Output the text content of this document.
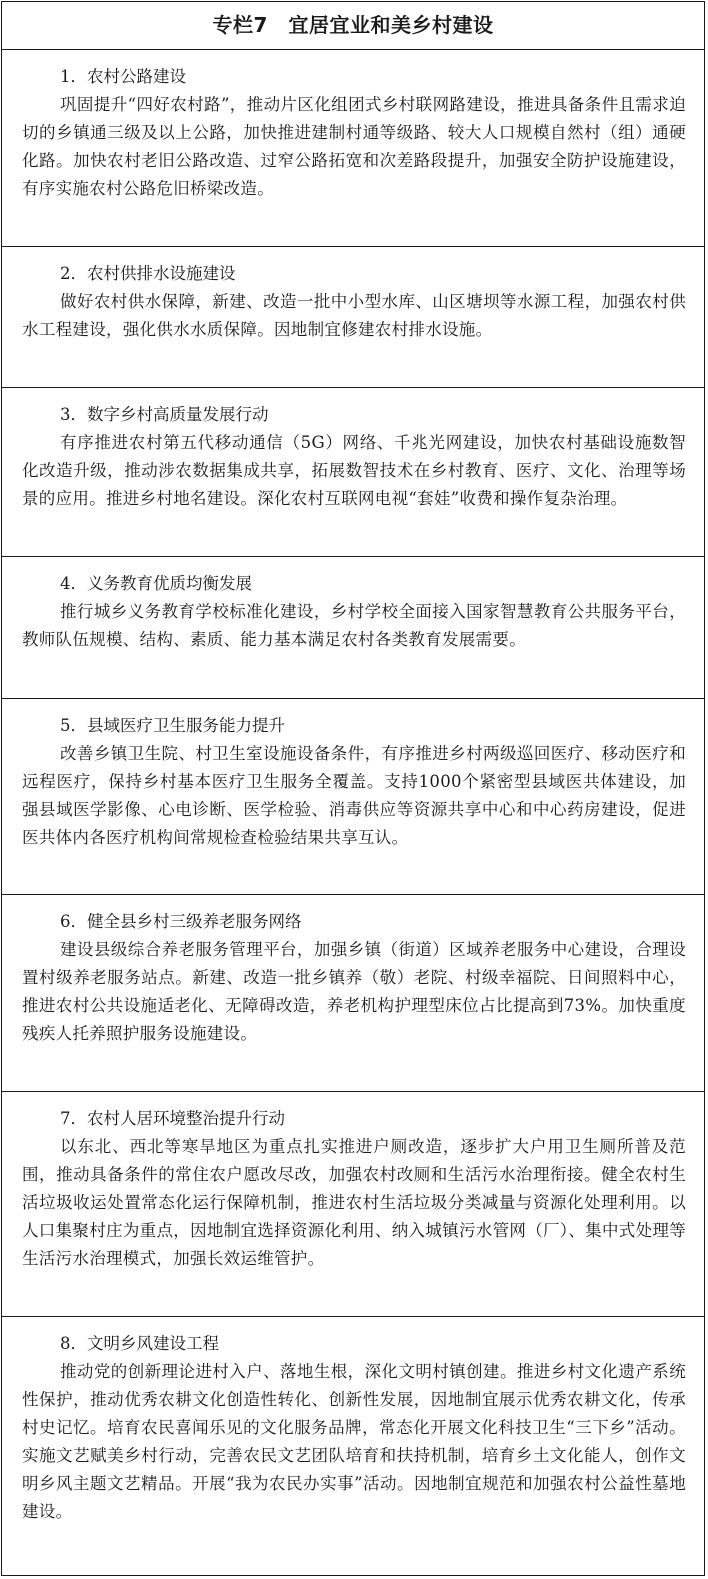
专栏7　宜居宜业和美乡村建设

1．农村公路建设

巩固提升“四好农村路”，推动片区化组团式乡村联网路建设，推进具备条件且需求迫切的乡镇通三级及以上公路，加快推进建制村通等级路、较大人口规模自然村（组）通硬化路。加快农村老旧公路改造、过窄公路拓宽和次差路段提升，加强安全防护设施建设，有序实施农村公路危旧桥梁改造。

2．农村供排水设施建设

做好农村供水保障，新建、改造一批中小型水库、山区塘坝等水源工程，加强农村供水工程建设，强化供水水质保障。因地制宜修建农村排水设施。

3．数字乡村高质量发展行动

有序推进农村第五代移动通信（5G）网络、千兆光网建设，加快农村基础设施数智化改造升级，推动涉农数据集成共享，拓展数智技术在乡村教育、医疗、文化、治理等场景的应用。推进乡村地名建设。深化农村互联网电视“套娃”收费和操作复杂治理。

4．义务教育优质均衡发展

推行城乡义务教育学校标准化建设，乡村学校全面接入国家智慧教育公共服务平台，教师队伍规模、结构、素质、能力基本满足农村各类教育发展需要。

5．县域医疗卫生服务能力提升

改善乡镇卫生院、村卫生室设施设备条件，有序推进乡村两级巡回医疗、移动医疗和远程医疗，保持乡村基本医疗卫生服务全覆盖。支持1000个紧密型县域医共体建设，加强县域医学影像、心电诊断、医学检验、消毒供应等资源共享中心和中心药房建设，促进医共体内各医疗机构间常规检查检验结果共享互认。

6．健全县乡村三级养老服务网络

建设县级综合养老服务管理平台，加强乡镇（街道）区域养老服务中心建设，合理设置村级养老服务站点。新建、改造一批乡镇养（敬）老院、村级幸福院、日间照料中心，推进农村公共设施适老化、无障碍改造，养老机构护理型床位占比提高到73%。加快重度残疾人托养照护服务设施建设。

7．农村人居环境整治提升行动

以东北、西北等寒旱地区为重点扎实推进户厕改造，逐步扩大户用卫生厕所普及范围，推动具备条件的常住农户愿改尽改，加强农村改厕和生活污水治理衔接。健全农村生活垃圾收运处置常态化运行保障机制，推进农村生活垃圾分类减量与资源化处理利用。以人口集聚村庄为重点，因地制宜选择资源化利用、纳入城镇污水管网（厂）、集中式处理等生活污水治理模式，加强长效运维管护。

8．文明乡风建设工程

推动党的创新理论进村入户、落地生根，深化文明村镇创建。推进乡村文化遗产系统性保护，推动优秀农耕文化创造性转化、创新性发展，因地制宜展示优秀农耕文化，传承村史记忆。培育农民喜闻乐见的文化服务品牌，常态化开展文化科技卫生“三下乡”活动。实施文艺赋美乡村行动，完善农民文艺团队培育和扶持机制，培育乡土文化能人，创作文明乡风主题文艺精品。开展“我为农民办实事”活动。因地制宜规范和加强农村公益性墓地建设。
